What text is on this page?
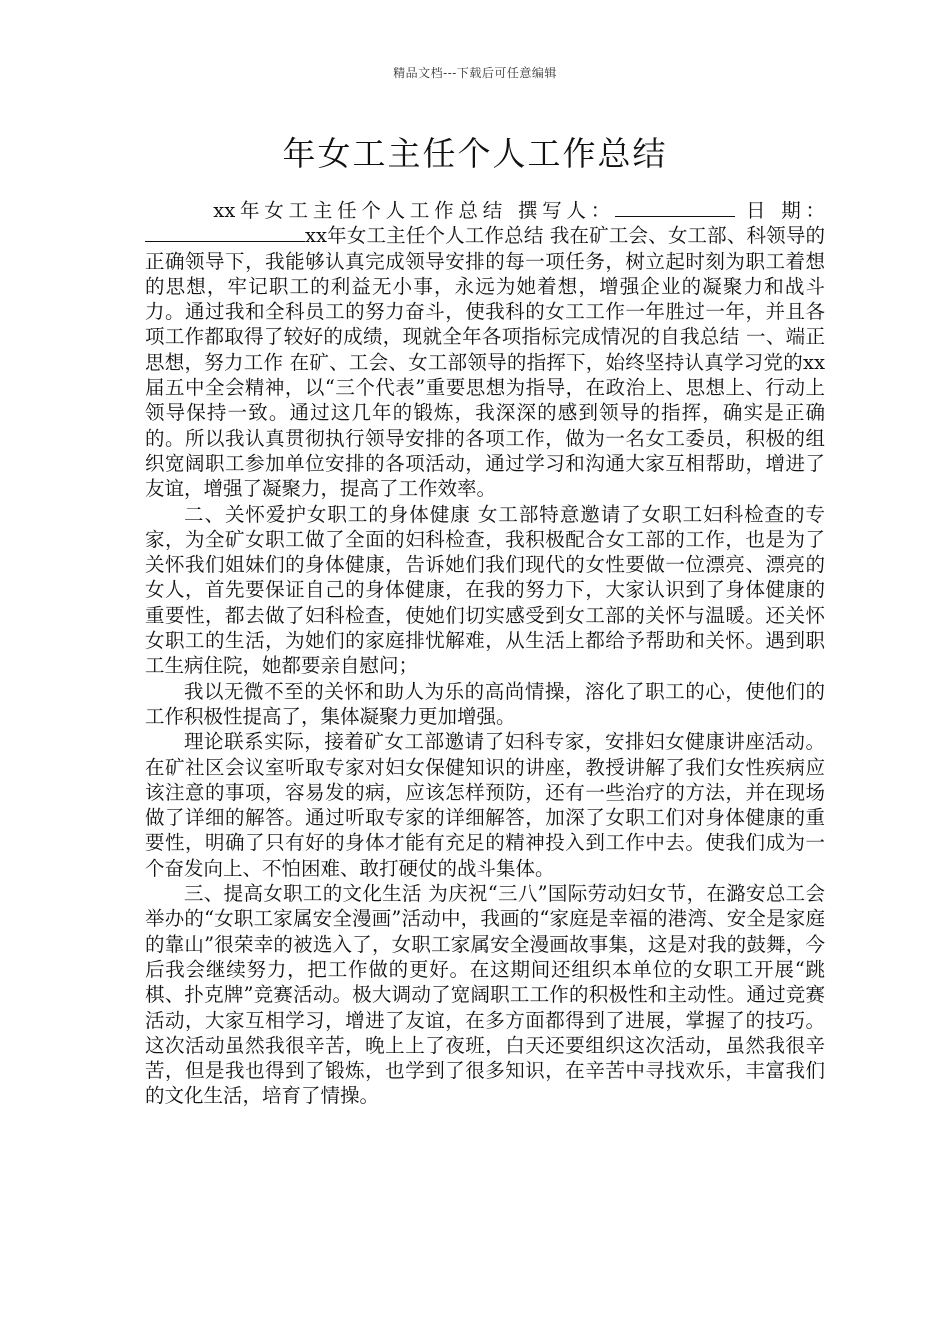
精品文档---下载后可任意编辑
年女工主任个人工作总结

xx年女工主任个人工作总结 撰写人：	日 期：xx年女工主任个人工作总结 我在矿工会、女工部、科领导的正确领导下，我能够认真完成领导安排的每一项任务，树立起时刻为职工着想的思想，牢记职工的利益无小事，永远为她着想，增强企业的凝聚力和战斗力。通过我和全科员工的努力奋斗，使我科的女工工作一年胜过一年，并且各项工作都取得了较好的成绩，现就全年各项指标完成情况的自我总结 一、端正思想，努力工作 在矿、工会、女工部领导的指挥下，始终坚持认真学习党的xx届五中全会精神，以“三个代表”重要思想为指导，在政治上、思想上、行动上领导保持一致。通过这几年的锻炼，我深深的感到领导的指挥，确实是正确的。所以我认真贯彻执行领导安排的各项工作，做为一名女工委员，积极的组织宽阔职工参加单位安排的各项活动，通过学习和沟通大家互相帮助，增进了友谊，增强了凝聚力，提高了工作效率。

二、关怀爱护女职工的身体健康 女工部特意邀请了女职工妇科检查的专家，为全矿女职工做了全面的妇科检查，我积极配合女工部的工作，也是为了关怀我们姐妹们的身体健康，告诉她们我们现代的女性要做一位漂亮、漂亮的女人，首先要保证自己的身体健康，在我的努力下，大家认识到了身体健康的重要性，都去做了妇科检查，使她们切实感受到女工部的关怀与温暖。还关怀女职工的生活，为她们的家庭排忧解难，从生活上都给予帮助和关怀。遇到职工生病住院，她都要亲自慰问；

我以无微不至的关怀和助人为乐的高尚情操，溶化了职工的心，使他们的工作积极性提高了，集体凝聚力更加增强。

理论联系实际，接着矿女工部邀请了妇科专家，安排妇女健康讲座活动。在矿社区会议室听取专家对妇女保健知识的讲座，教授讲解了我们女性疾病应该注意的事项，容易发的病，应该怎样预防，还有一些治疗的方法，并在现场做了详细的解答。通过听取专家的详细解答，加深了女职工们对身体健康的重要性，明确了只有好的身体才能有充足的精神投入到工作中去。使我们成为一个奋发向上、不怕困难、敢打硬仗的战斗集体。

三、提高女职工的文化生活 为庆祝“三八”国际劳动妇女节，在潞安总工会举办的“女职工家属安全漫画”活动中，我画的“家庭是幸福的港湾、安全是家庭的靠山”很荣幸的被选入了，女职工家属安全漫画故事集，这是对我的鼓舞，今后我会继续努力，把工作做的更好。在这期间还组织本单位的女职工开展“跳棋、扑克牌”竞赛活动。极大调动了宽阔职工工作的积极性和主动性。通过竞赛活动，大家互相学习，增进了友谊，在多方面都得到了进展，掌握了的技巧。这次活动虽然我很辛苦，晚上上了夜班，白天还要组织这次活动，虽然我很辛苦，但是我也得到了锻炼，也学到了很多知识，在辛苦中寻找欢乐，丰富我们的文化生活，培育了情操。
